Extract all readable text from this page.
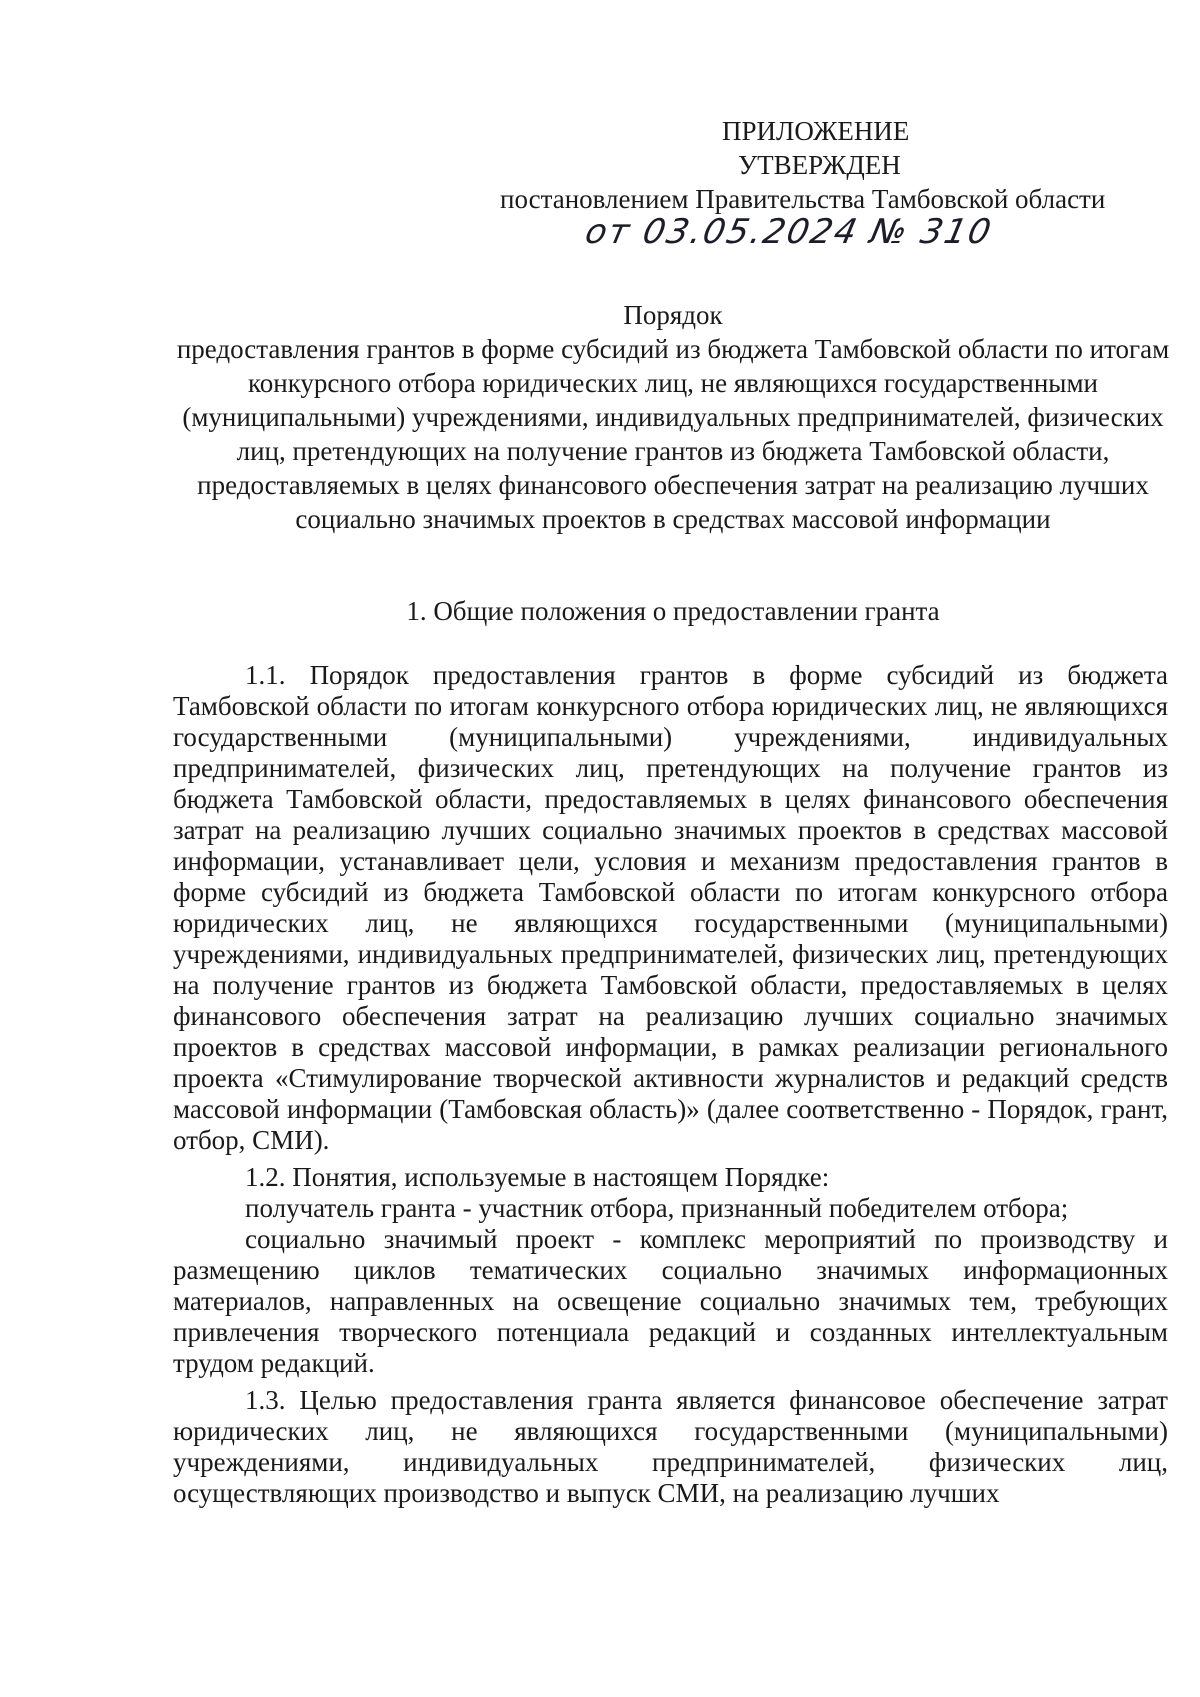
ПРИЛОЖЕНИЕ
УТВЕРЖДЕН
постановлением Правительства Тамбовской области
от 03.05.2024 № 310
Порядок
предоставления грантов в форме субсидий из бюджета Тамбовской области по итогам конкурсного отбора юридических лиц, не являющихся государственными (муниципальными) учреждениями, индивидуальных предпринимателей, физических лиц, претендующих на получение грантов из бюджета Тамбовской области, предоставляемых в целях финансового обеспечения затрат на реализацию лучших социально значимых проектов в средствах массовой информации
1. Общие положения о предоставлении гранта

1.1. Порядок предоставления грантов в форме субсидий из бюджета Тамбовской области по итогам конкурсного отбора юридических лиц, не являющихся государственными (муниципальными) учреждениями, индивидуальных предпринимателей, физических лиц, претендующих на получение грантов из бюджета Тамбовской области, предоставляемых в целях финансового обеспечения затрат на реализацию лучших социально значимых проектов в средствах массовой информации, устанавливает цели, условия и механизм предоставления грантов в форме субсидий из бюджета Тамбовской области по итогам конкурсного отбора юридических лиц, не являющихся государственными (муниципальными) учреждениями, индивидуальных предпринимателей, физических лиц, претендующих на получение грантов из бюджета Тамбовской области, предоставляемых в целях финансового обеспечения затрат на реализацию лучших социально значимых проектов в средствах массовой информации, в рамках реализации регионального проекта «Стимулирование творческой активности журналистов и редакций средств массовой информации (Тамбовская область)» (далее соответственно - Порядок, грант, отбор, СМИ).

1.2. Понятия, используемые в настоящем Порядке:

получатель гранта - участник отбора, признанный победителем отбора;

социально значимый проект - комплекс мероприятий по производству и размещению циклов тематических социально значимых информационных материалов, направленных на освещение социально значимых тем, требующих привлечения творческого потенциала редакций и созданных интеллектуальным трудом редакций.

1.3. Целью предоставления гранта является финансовое обеспечение затрат юридических лиц, не являющихся государственными (муниципальными) учреждениями, индивидуальных предпринимателей, физических лиц, осуществляющих производство и выпуск СМИ, на реализацию лучших
